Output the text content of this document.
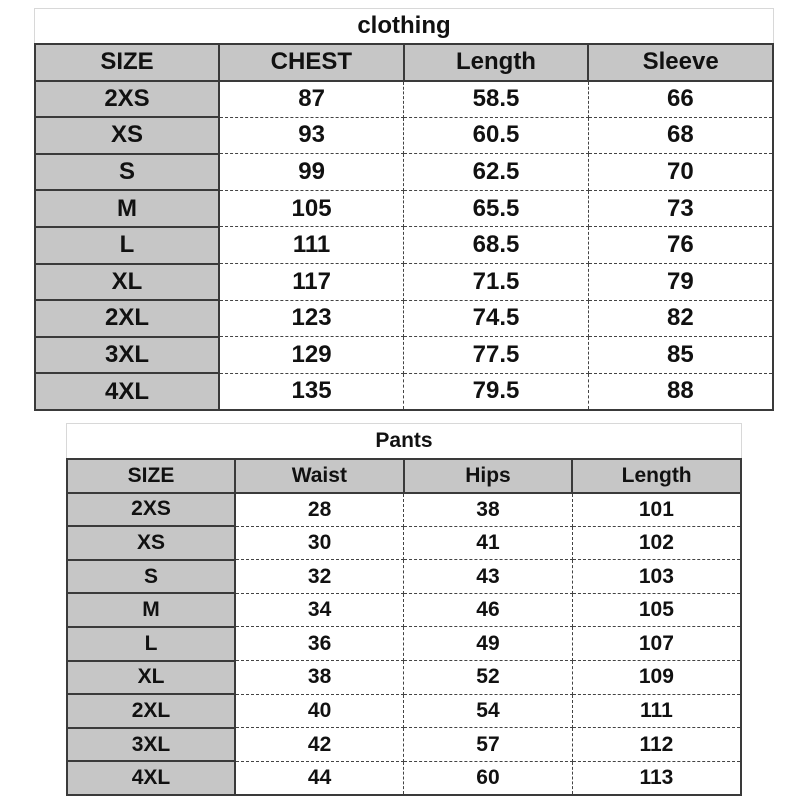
clothing
SIZE	CHEST	Length	Sleeve
2XS	87	58.5	66
XS	93	60.5	68
S	99	62.5	70
M	105	65.5	73
L	111	68.5	76
XL	117	71.5	79
2XL	123	74.5	82
3XL	129	77.5	85
4XL	135	79.5	88
Pants
SIZE	Waist	Hips	Length
2XS	28	38	101
XS	30	41	102
S	32	43	103
M	34	46	105
L	36	49	107
XL	38	52	109
2XL	40	54	111
3XL	42	57	112
4XL	44	60	113
